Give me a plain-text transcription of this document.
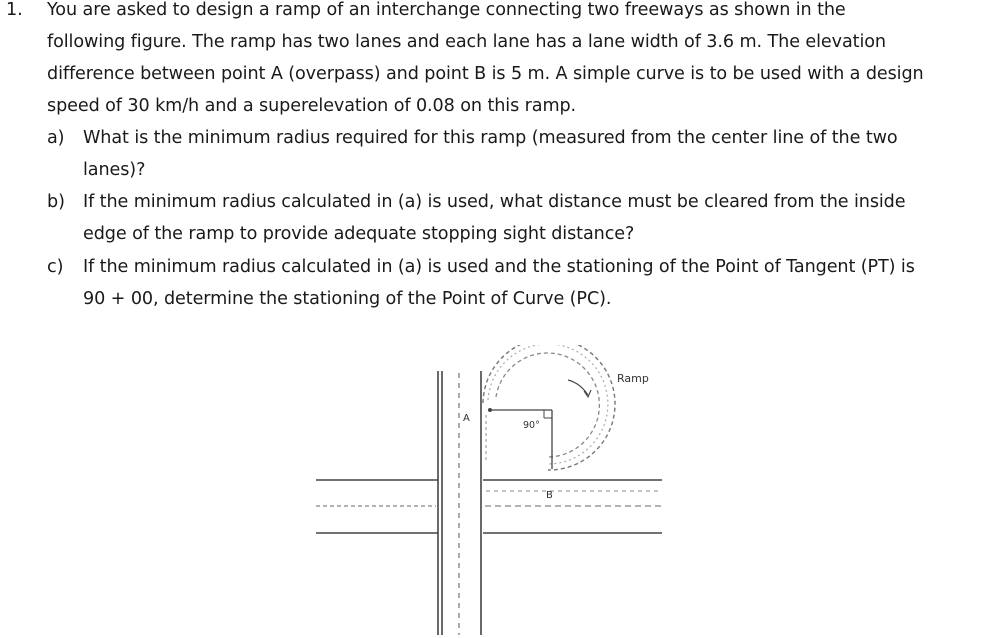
1. You are asked to design a ramp of an interchange connecting two freeways as shown in the
following figure. The ramp has two lanes and each lane has a lane width of 3.6 m. The elevation
difference between point A (overpass) and point B is 5 m. A simple curve is to be used with a design
speed of 30 km/h and a superelevation of 0.08 on this ramp.
a) What is the minimum radius required for this ramp (measured from the center line of the two
lanes)?
b) If the minimum radius calculated in (a) is used, what distance must be cleared from the inside
edge of the ramp to provide adequate stopping sight distance?
c) If the minimum radius calculated in (a) is used and the stationing of the Point of Tangent (PT) is
90 + 00, determine the stationing of the Point of Curve (PC).
Ramp
A
B
90°
